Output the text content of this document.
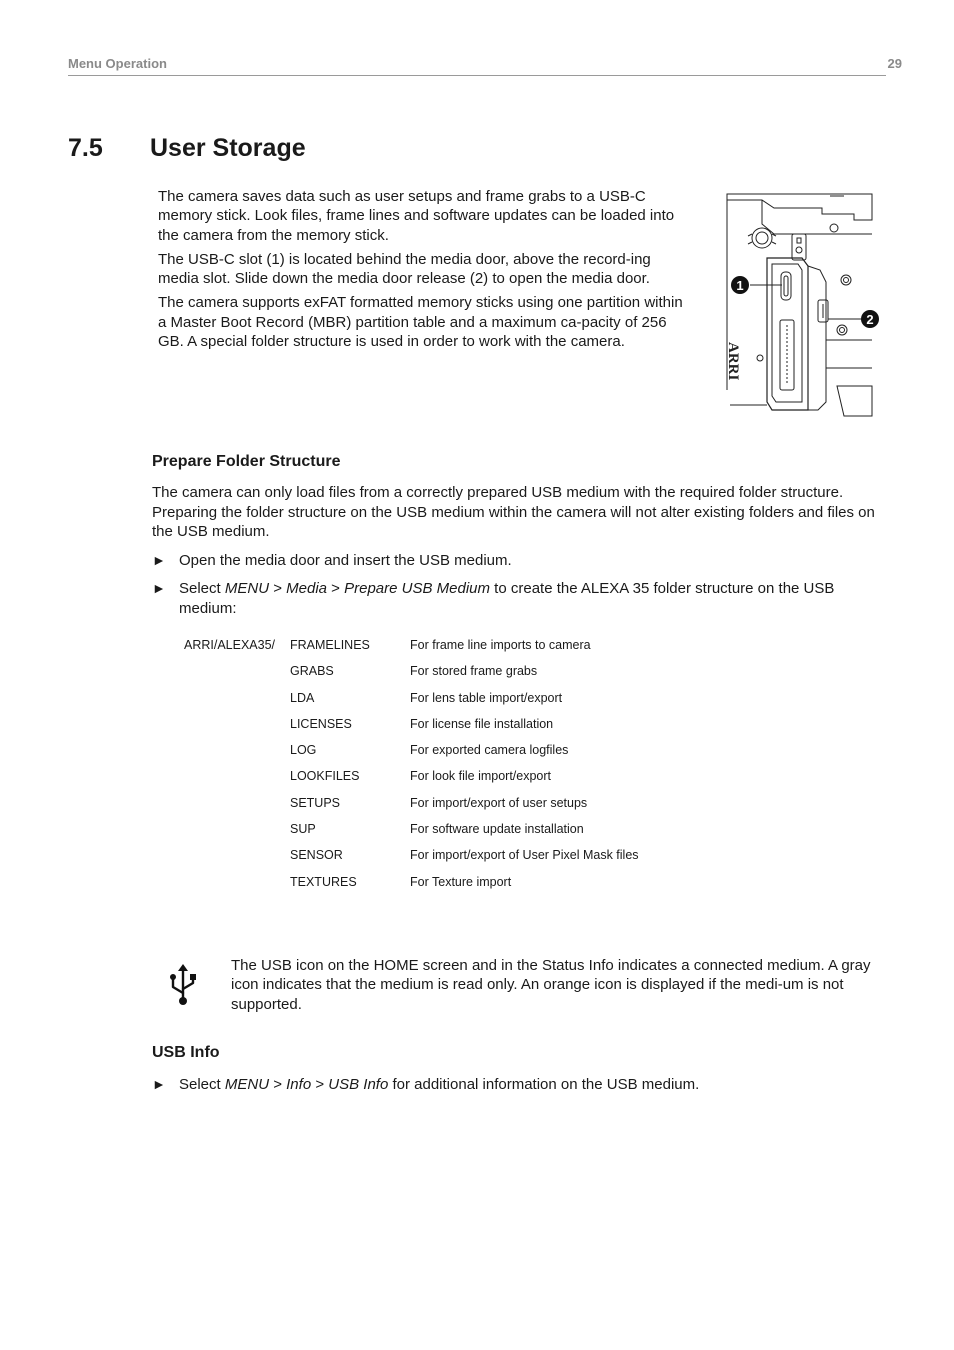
Menu Operation	29
7.5 User Storage

The camera saves data such as user setups and frame grabs to a USB-C memory stick. Look files, frame lines and software updates can be loaded into the camera from the memory stick.

The USB-C slot (1) is located behind the media door, above the record-ing media slot. Slide down the media door release (2) to open the media door.

The camera supports exFAT formatted memory sticks using one partition within a Master Boot Record (MBR) partition table and a maximum ca-pacity of 256 GB. A special folder structure is used in order to work with the camera.

ARRI
1
2
Prepare Folder Structure
The camera can only load files from a correctly prepared USB medium with the required folder structure. Preparing the folder structure on the USB medium within the camera will not alter existing folders and files on the USB medium.
► Open the media door and insert the USB medium.
► Select MENU > Media > Prepare USB Medium to create the ALEXA 35 folder structure on the USB medium:
ARRI/ALEXA35/ FRAMELINES	For frame line imports to camera
GRABS	For stored frame grabs
LDA	For lens table import/export
LICENSES	For license file installation
LOG	For exported camera logfiles
LOOKFILES	For look file import/export
SETUPS	For import/export of user setups
SUP	For software update installation
SENSOR	For import/export of User Pixel Mask files
TEXTURES	For Texture import
The USB icon on the HOME screen and in the Status Info indicates a connected medium. A gray icon indicates that the medium is read only. An orange icon is displayed if the medi-um is not supported.
USB Info
► Select MENU > Info > USB Info for additional information on the USB medium.
